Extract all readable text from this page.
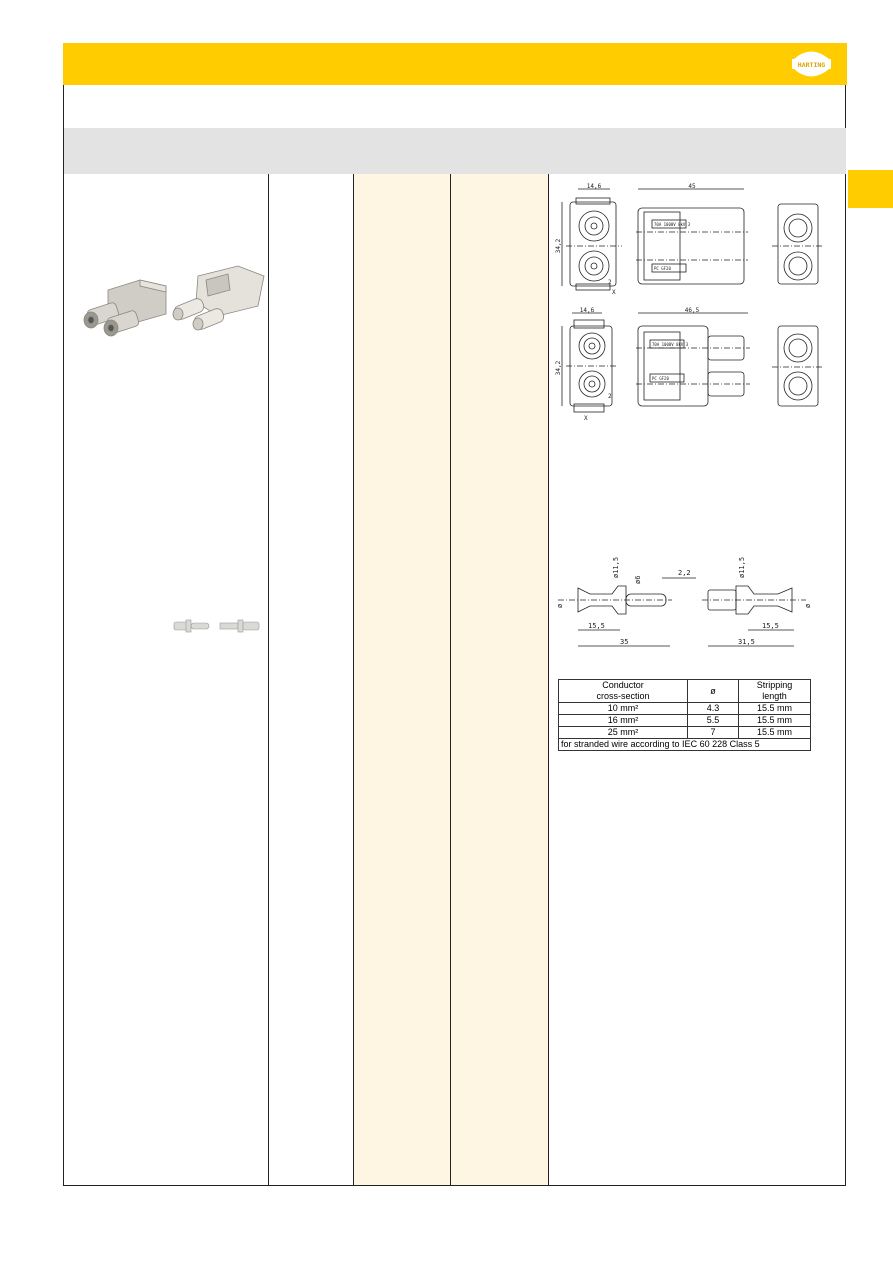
HARTING
14,6
34,2
X
2
45
70A 1000V 8kV 3
PC GF20
14,6
34,2
X
2
46,5
70A 1000V 8kV 3
PC GF20
ø11,5
ø6
2,2
ø
15,5
35
ø11,5
ø
15,5
31,5
Conductor
cross-section	ø	Stripping
length
10 mm²	4.3	15.5 mm
16 mm²	5.5	15.5 mm
25 mm²	7	15.5 mm
for stranded wire according to IEC 60 228 Class 5		
